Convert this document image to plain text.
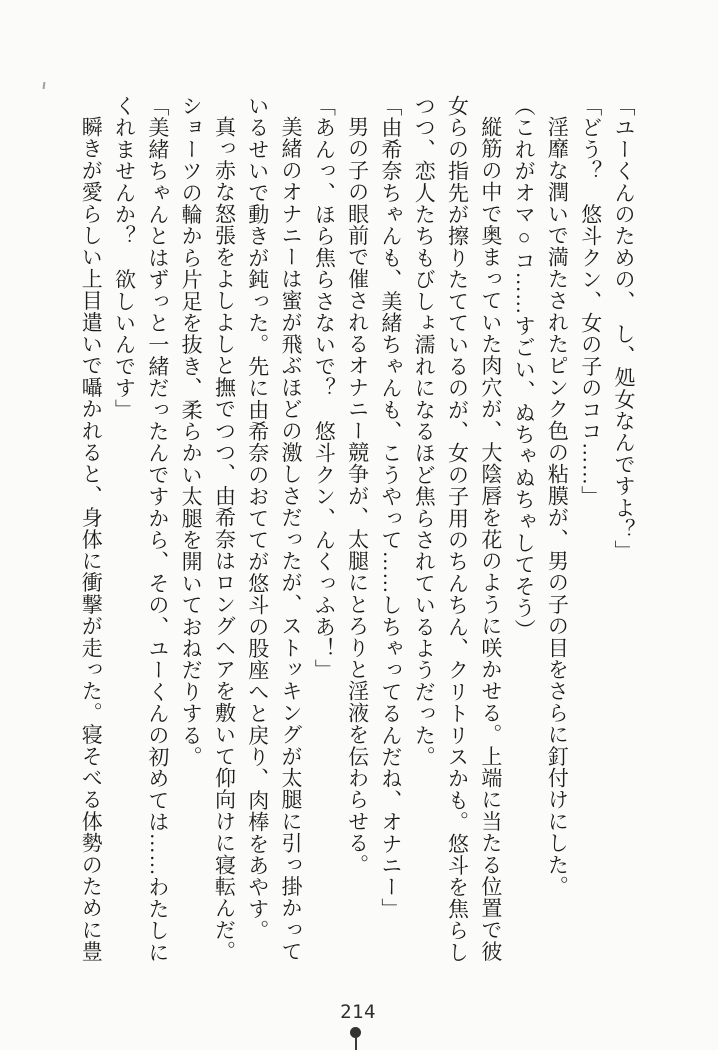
「ユーくんのための、　し、処女なんですよ？」

「どう？　悠斗クン、女の子のココ……」

淫靡な潤いで満たされたピンク色の粘膜が、男の子の目をさらに釘付けにした。

（これがオマ○コ……すごい、ぬちゃぬちゃしてそう）

縦筋の中で奥まっていた肉穴が、大陰唇を花のように咲かせる。上端に当たる位置で彼女らの指先が擦りたてているのが、女の子用のちんちん、クリトリスかも。悠斗を焦らしつつ、恋人たちもびしょ濡れになるほど焦らされているようだった。

「由希奈ちゃんも、美緒ちゃんも、こうやって……しちゃってるんだね、オナニー」

男の子の眼前で催されるオナニー競争が、太腿にとろりと淫液を伝わらせる。

「あんっ、ほら焦らさないで？　悠斗クン、んくっふあ！」

美緒のオナニーは蜜が飛ぶほどの激しさだったが、ストッキングが太腿に引っ掛かっているせいで動きが鈍った。先に由希奈のおててが悠斗の股座へと戻り、肉棒をあやす。

真っ赤な怒張をよしよしと撫でつつ、由希奈はロングヘアを敷いて仰向けに寝転んだ。ショーツの輪から片足を抜き、柔らかい太腿を開いておねだりする。

「美緒ちゃんとはずっと一緒だったんですから、その、ユーくんの初めては……わたしにくれませんか？　欲しいんです」

瞬きが愛らしい上目遣いで囁かれると、身体に衝撃が走った。寝そべる体勢のために豊

214
